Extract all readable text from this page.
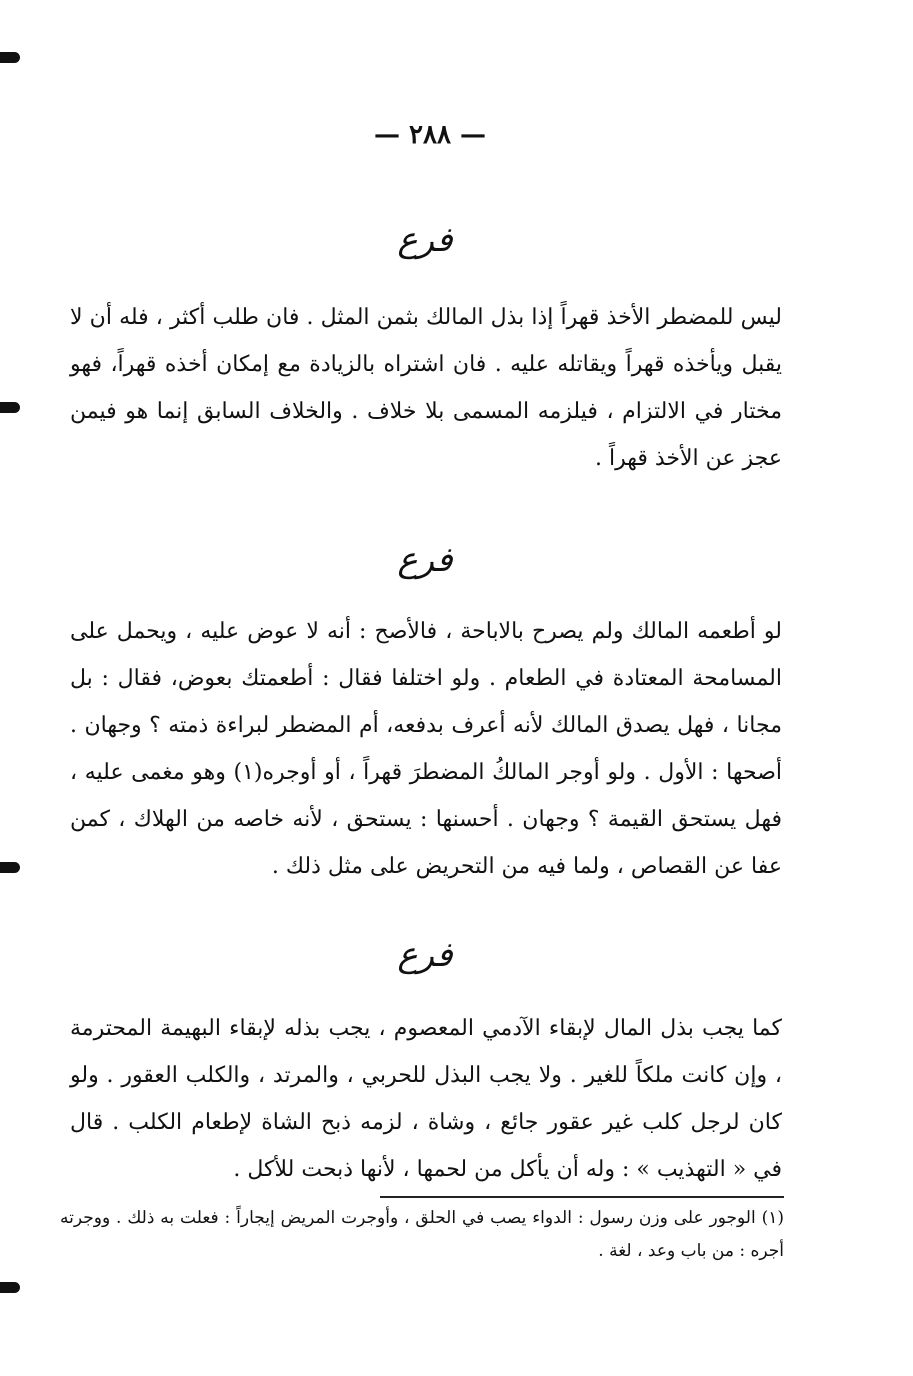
— ٢٨٨ —
فرع
ليس للمضطر الأخذ قهراً إذا بذل المالك بثمن المثل . فان طلب أكثر ، فله أن لا يقبل ويأخذه قهراً ويقاتله عليه . فان اشتراه بالزيادة مع إمكان أخذه قهراً، فهو مختار في الالتزام ، فيلزمه المسمى بلا خلاف . والخلاف السابق إنما هو فيمن عجز عن الأخذ قهراً .
فرع
لو أطعمه المالك ولم يصرح بالاباحة ، فالأصح : أنه لا عوض عليه ، ويحمل على المسامحة المعتادة في الطعام . ولو اختلفا فقال : أطعمتك بعوض، فقال : بل مجانا ، فهل يصدق المالك لأنه أعرف بدفعه، أم المضطر لبراءة ذمته ؟ وجهان . أصحها : الأول . ولو أوجر المالكُ المضطرَ قهراً ، أو أوجره(١) وهو مغمى عليه ، فهل يستحق القيمة ؟ وجهان . أحسنها : يستحق ، لأنه خاصه من الهلاك ، كمن عفا عن القصاص ، ولما فيه من التحريض على مثل ذلك .
فرع
كما يجب بذل المال لإبقاء الآدمي المعصوم ، يجب بذله لإبقاء البهيمة المحترمة ، وإن كانت ملكاً للغير . ولا يجب البذل للحربي ، والمرتد ، والكلب العقور . ولو كان لرجل كلب غير عقور جائع ، وشاة ، لزمه ذبح الشاة لإطعام الكلب . قال في « التهذيب » : وله أن يأكل من لحمها ، لأنها ذبحت للأكل .
(١) الوجور على وزن رسول : الدواء يصب في الحلق ، وأوجرت المريض إيجاراً : فعلت به ذلك . ووجرته أجره : من باب وعد ، لغة .
